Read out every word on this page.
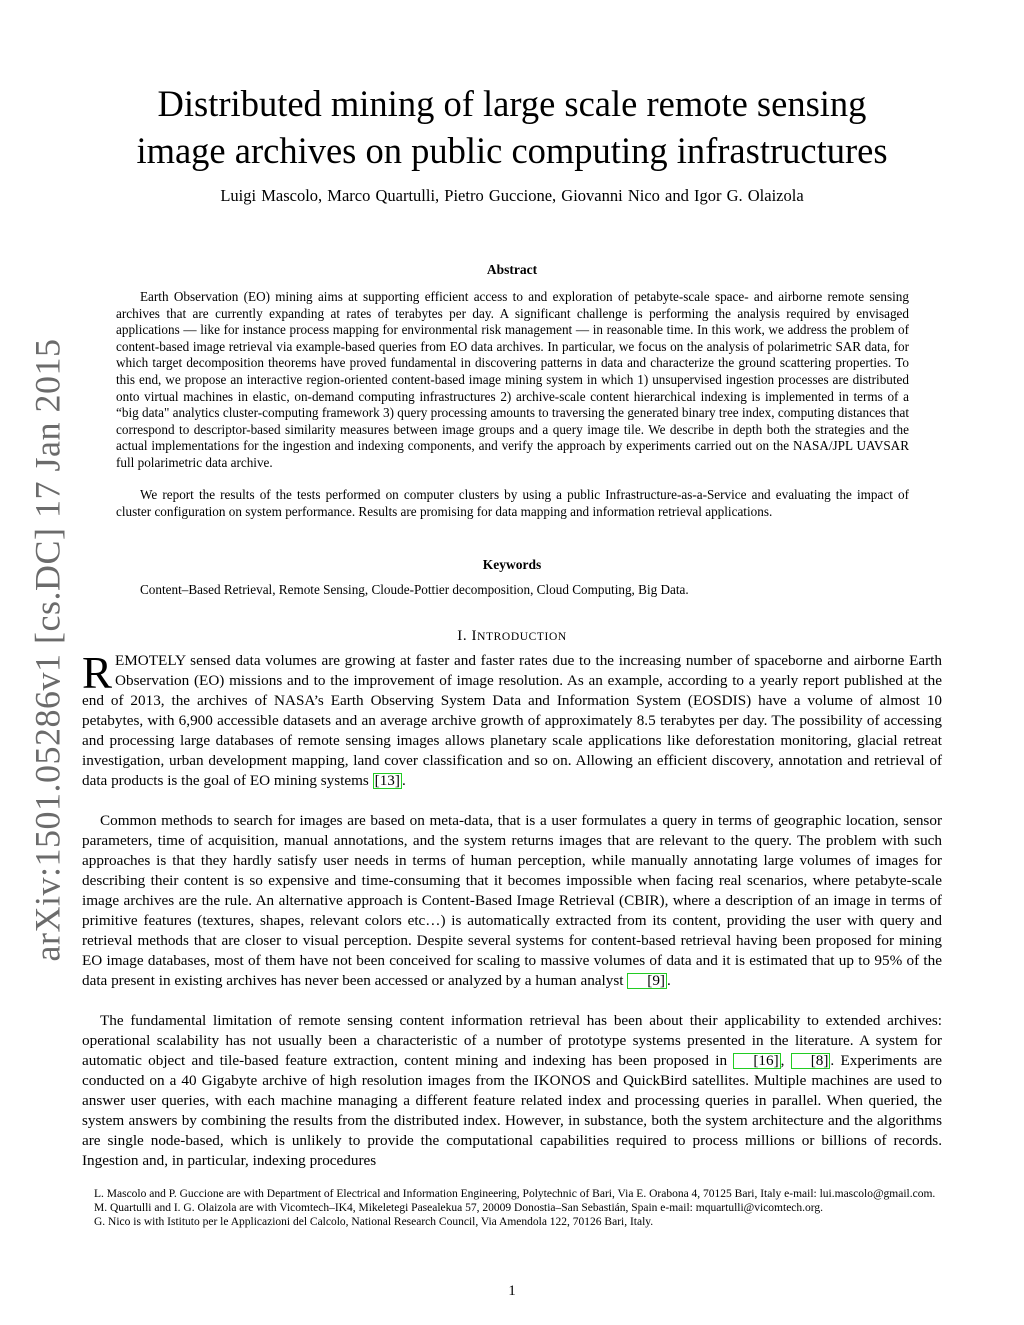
arXiv:1501.05286v1 [cs.DC] 17 Jan 2015
Distributed mining of large scale remote sensing
image archives on public computing infrastructures
Luigi Mascolo, Marco Quartulli, Pietro Guccione, Giovanni Nico and Igor G. Olaizola
Abstract

Earth Observation (EO) mining aims at supporting efficient access to and exploration of petabyte-scale space- and airborne remote sensing archives that are currently expanding at rates of terabytes per day. A significant challenge is performing the analysis required by envisaged applications — like for instance process mapping for environmental risk management — in reasonable time. In this work, we address the problem of content-based image retrieval via example-based queries from EO data archives. In particular, we focus on the analysis of polarimetric SAR data, for which target decomposition theorems have proved fundamental in discovering patterns in data and characterize the ground scattering properties. To this end, we propose an interactive region-oriented content-based image mining system in which 1) unsupervised ingestion processes are distributed onto virtual machines in elastic, on-demand computing infrastructures 2) archive-scale content hierarchical indexing is implemented in terms of a “big data" analytics cluster-computing framework 3) query processing amounts to traversing the generated binary tree index, computing distances that correspond to descriptor-based similarity measures between image groups and a query image tile. We describe in depth both the strategies and the actual implementations for the ingestion and indexing components, and verify the approach by experiments carried out on the NASA/JPL UAVSAR full polarimetric data archive.

We report the results of the tests performed on computer clusters by using a public Infrastructure-as-a-Service and evaluating the impact of cluster configuration on system performance. Results are promising for data mapping and information retrieval applications.

Keywords
Content–Based Retrieval, Remote Sensing, Cloude-Pottier decomposition, Cloud Computing, Big Data.
I. INTRODUCTION

REMOTELY sensed data volumes are growing at faster and faster rates due to the increasing number of spaceborne and airborne Earth Observation (EO) missions and to the improvement of image resolution. As an example, according to a yearly report published at the end of 2013, the archives of NASA’s Earth Observing System Data and Information System (EOSDIS) have a volume of almost 10 petabytes, with 6,900 accessible datasets and an average archive growth of approximately 8.5 terabytes per day. The possibility of accessing and processing large databases of remote sensing images allows planetary scale applications like deforestation monitoring, glacial retreat investigation, urban development mapping, land cover classification and so on. Allowing an efficient discovery, annotation and retrieval of data products is the goal of EO mining systems [13] .

Common methods to search for images are based on meta-data, that is a user formulates a query in terms of geographic location, sensor parameters, time of acquisition, manual annotations, and the system returns images that are relevant to the query. The problem with such approaches is that they hardly satisfy user needs in terms of human perception, while manually annotating large volumes of images for describing their content is so expensive and time-consuming that it becomes impossible when facing real scenarios, where petabyte-scale image archives are the rule. An alternative approach is Content-Based Image Retrieval (CBIR), where a description of an image in terms of primitive features (textures, shapes, relevant colors etc…) is automatically extracted from its content, providing the user with query and retrieval methods that are closer to visual perception. Despite several systems for content-based retrieval having been proposed for mining EO image databases, most of them have not been conceived for scaling to massive volumes of data and it is estimated that up to 95% of the data present in existing archives has never been accessed or analyzed by a human analyst [9] .

The fundamental limitation of remote sensing content information retrieval has been about their applicability to extended archives: operational scalability has not usually been a characteristic of a number of prototype systems presented in the literature. A system for automatic object and tile-based feature extraction, content mining and indexing has been proposed in [16] , [8] . Experiments are conducted on a 40 Gigabyte archive of high resolution images from the IKONOS and QuickBird satellites. Multiple machines are used to answer user queries, with each machine managing a different feature related index and processing queries in parallel. When queried, the system answers by combining the results from the distributed index. However, in substance, both the system architecture and the algorithms are single node-based, which is unlikely to provide the computational capabilities required to process millions or billions of records. Ingestion and, in particular, indexing procedures

L. Mascolo and P. Guccione are with Department of Electrical and Information Engineering, Polytechnic of Bari, Via E. Orabona 4, 70125 Bari, Italy e-mail: lui.mascolo@gmail.com.

M. Quartulli and I. G. Olaizola are with Vicomtech–IK4, Mikeletegi Pasealekua 57, 20009 Donostia–San Sebastián, Spain e-mail: mquartulli@vicomtech.org.

G. Nico is with Istituto per le Applicazioni del Calcolo, National Research Council, Via Amendola 122, 70126 Bari, Italy.

1
